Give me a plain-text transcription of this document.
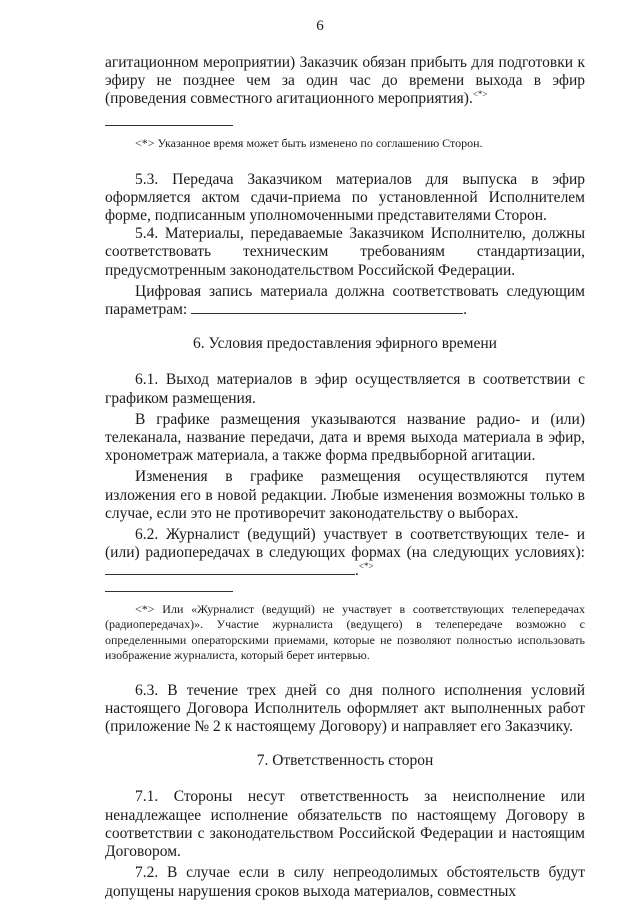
6

агитационном мероприятии) Заказчик обязан прибыть для подготовки к эфиру не позднее чем за один час до времени выхода в эфир (проведения совместного агитационного мероприятия).<*>

<*> Указанное время может быть изменено по соглашению Сторон.

5.3. Передача Заказчиком материалов для выпуска в эфир оформляется актом сдачи-приема по установленной Исполнителем форме, подписанным уполномоченными представителями Сторон.

5.4. Материалы, передаваемые Заказчиком Исполнителю, должны соответствовать техническим требованиям стандартизации, предусмотренным законодательством Российской Федерации.

Цифровая запись материала должна соответствовать следующим параметрам:	.

6. Условия предоставления эфирного времени

6.1. Выход материалов в эфир осуществляется в соответствии с графиком размещения.

В графике размещения указываются название радио- и (или) телеканала, название передачи, дата и время выхода материала в эфир, хронометраж материала, а также форма предвыборной агитации.

Изменения в графике размещения осуществляются путем изложения его в новой редакции. Любые изменения возможны только в случае, если это не противоречит законодательству о выборах.

6.2. Журналист (ведущий) участвует в соответствующих теле- и (или) радиопередачах в следующих формах (на следующих условиях): .<*>

<*> Или «Журналист (ведущий) не участвует в соответствующих телепередачах (радиопередачах)». Участие журналиста (ведущего) в телепередаче возможно с определенными операторскими приемами, которые не позволяют полностью использовать изображение журналиста, который берет интервью.

6.3. В течение трех дней со дня полного исполнения условий настоящего Договора Исполнитель оформляет акт выполненных работ (приложение № 2 к настоящему Договору) и направляет его Заказчику.

7. Ответственность сторон

7.1. Стороны несут ответственность за неисполнение или ненадлежащее исполнение обязательств по настоящему Договору в соответствии с законодательством Российской Федерации и настоящим Договором.

7.2. В случае если в силу непреодолимых обстоятельств будут допущены нарушения сроков выхода материалов, совместных
